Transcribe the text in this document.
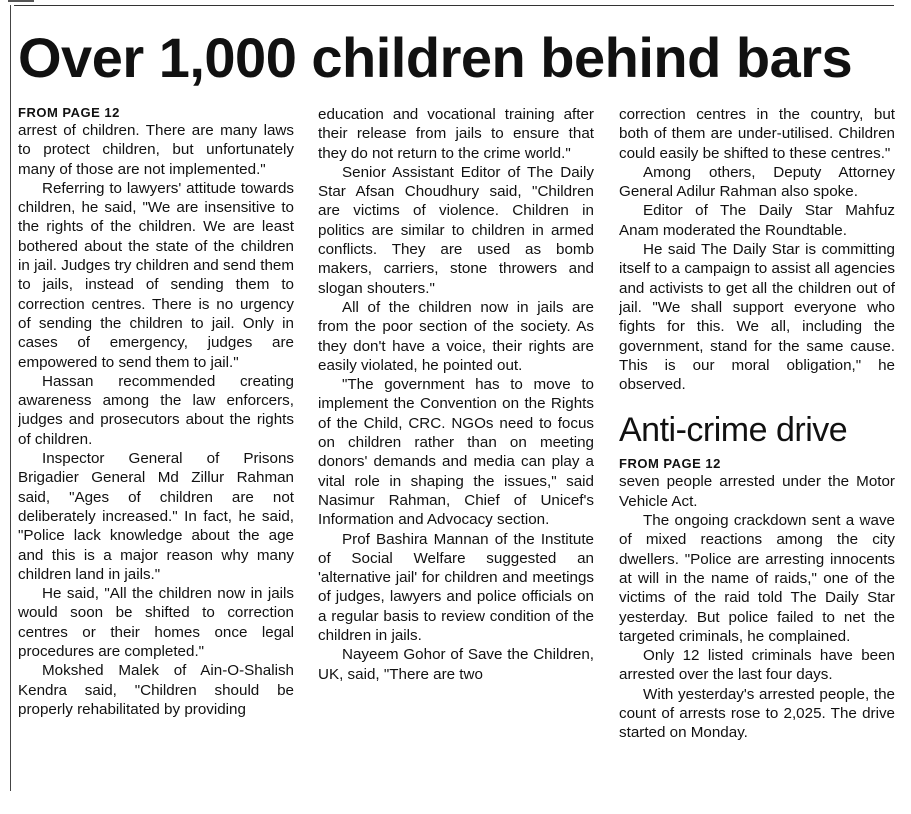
Over 1,000 children behind bars

FROM PAGE 12

arrest of children. There are many laws to protect children, but unfortunately many of those are not implemented."

Referring to lawyers' attitude towards children, he said, "We are insensitive to the rights of the children. We are least bothered about the state of the children in jail. Judges try children and send them to jails, instead of sending them to correction centres. There is no urgency of sending the children to jail. Only in cases of emergency, judges are empowered to send them to jail."

Hassan recommended creating awareness among the law enforcers, judges and prosecutors about the rights of children.

Inspector General of Prisons Brigadier General Md Zillur Rahman said, "Ages of children are not deliberately increased." In fact, he said, "Police lack knowledge about the age and this is a major reason why many children land in jails."

He said, "All the children now in jails would soon be shifted to correction centres or their homes once legal procedures are completed."

Mokshed Malek of Ain-O-Shalish Kendra said, "Children should be properly rehabilitated by providing

education and vocational training after their release from jails to ensure that they do not return to the crime world."

Senior Assistant Editor of The Daily Star Afsan Choudhury said, "Children are victims of violence. Children in politics are similar to children in armed conflicts. They are used as bomb makers, carriers, stone throwers and slogan shouters."

All of the children now in jails are from the poor section of the society. As they don't have a voice, their rights are easily violated, he pointed out.

"The government has to move to implement the Convention on the Rights of the Child, CRC. NGOs need to focus on children rather than on meeting donors' demands and media can play a vital role in shaping the issues," said Nasimur Rahman, Chief of Unicef's Information and Advocacy section.

Prof Bashira Mannan of the Institute of Social Welfare suggested an 'alternative jail' for children and meetings of judges, lawyers and police officials on a regular basis to review condition of the children in jails.

Nayeem Gohor of Save the Children, UK, said, "There are two

correction centres in the country, but both of them are under-utilised. Children could easily be shifted to these centres."

Among others, Deputy Attorney General Adilur Rahman also spoke.

Editor of The Daily Star Mahfuz Anam moderated the Roundtable.

He said The Daily Star is committing itself to a campaign to assist all agencies and activists to get all the children out of jail. "We shall support everyone who fights for this. We all, including the government, stand for the same cause. This is our moral obligation," he observed.

Anti-crime drive

FROM PAGE 12

seven people arrested under the Motor Vehicle Act.

The ongoing crackdown sent a wave of mixed reactions among the city dwellers. "Police are arresting innocents at will in the name of raids," one of the victims of the raid told The Daily Star yesterday. But police failed to net the targeted criminals, he complained.

Only 12 listed criminals have been arrested over the last four days.

With yesterday's arrested people, the count of arrests rose to 2,025. The drive started on Monday.
